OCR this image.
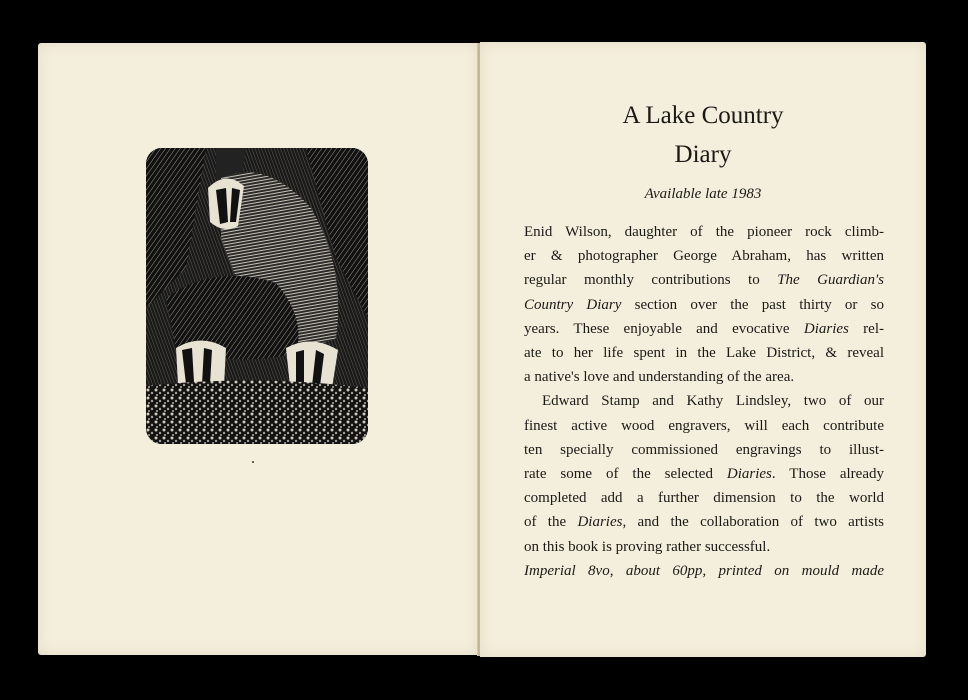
A Lake Country
Diary
Available late 1983
Enid Wilson, daughter of the pioneer rock climb-
er & photographer George Abraham, has written
regular monthly contributions to The Guardian's
Country Diary section over the past thirty or so
years. These enjoyable and evocative Diaries rel-
ate to her life spent in the Lake District, & reveal
a native's love and understanding of the area.
Edward Stamp and Kathy Lindsley, two of our
finest active wood engravers, will each contribute
ten specially commissioned engravings to illust-
rate some of the selected Diaries. Those already
completed add a further dimension to the world
of the Diaries, and the collaboration of two artists
on this book is proving rather successful.
Imperial 8vo, about 60pp, printed on mould made
